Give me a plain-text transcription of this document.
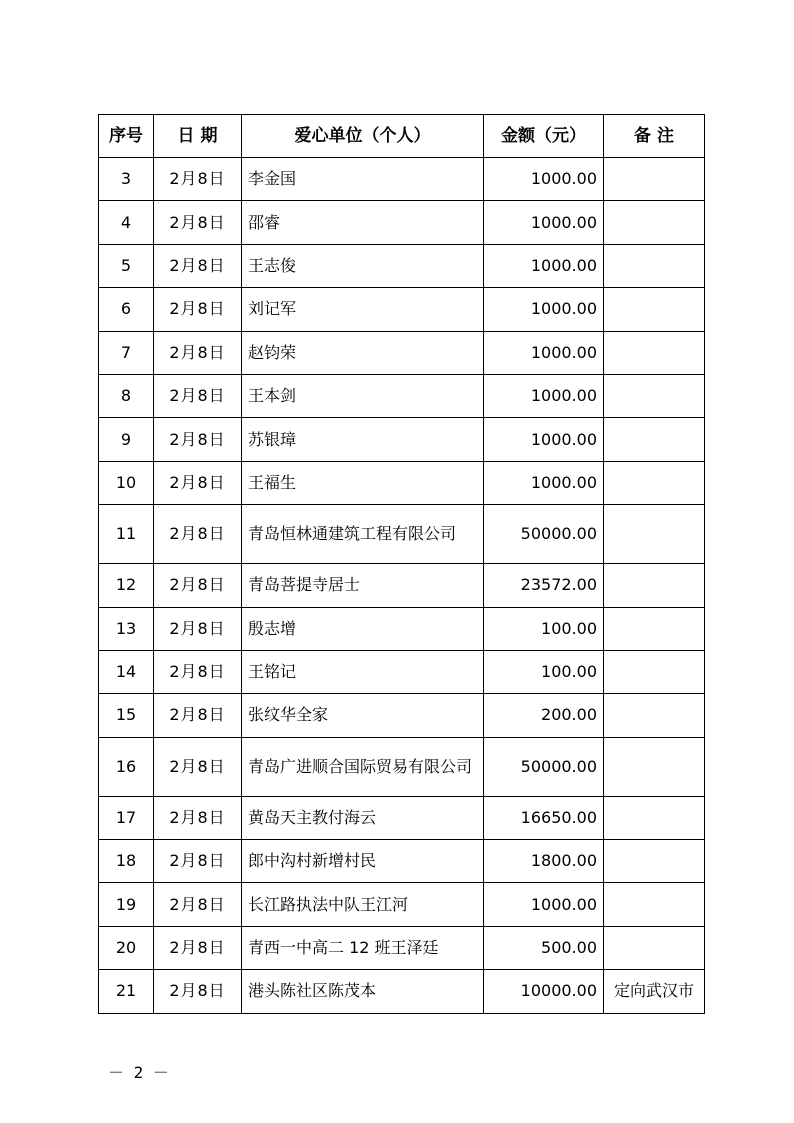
序号	日 期	爱心单位（个人）	金额（元）	备 注
3	2月8日	李金国	1000.00	
4	2月8日	邵睿	1000.00	
5	2月8日	王志俊	1000.00	
6	2月8日	刘记军	1000.00	
7	2月8日	赵钧荣	1000.00	
8	2月8日	王本剑	1000.00	
9	2月8日	苏银璋	1000.00	
10	2月8日	王福生	1000.00	
11	2月8日	青岛恒林通建筑工程有限公司	50000.00	
12	2月8日	青岛菩提寺居士	23572.00	
13	2月8日	殷志增	100.00	
14	2月8日	王铭记	100.00	
15	2月8日	张纹华全家	200.00	
16	2月8日	青岛广进顺合国际贸易有限公司	50000.00	
17	2月8日	黄岛天主教付海云	16650.00	
18	2月8日	郎中沟村新增村民	1800.00	
19	2月8日	长江路执法中队王江河	1000.00	
20	2月8日	青西一中高二 12 班王泽廷	500.00	
21	2月8日	港头陈社区陈茂本	10000.00	定向武汉市
－ 2 －
